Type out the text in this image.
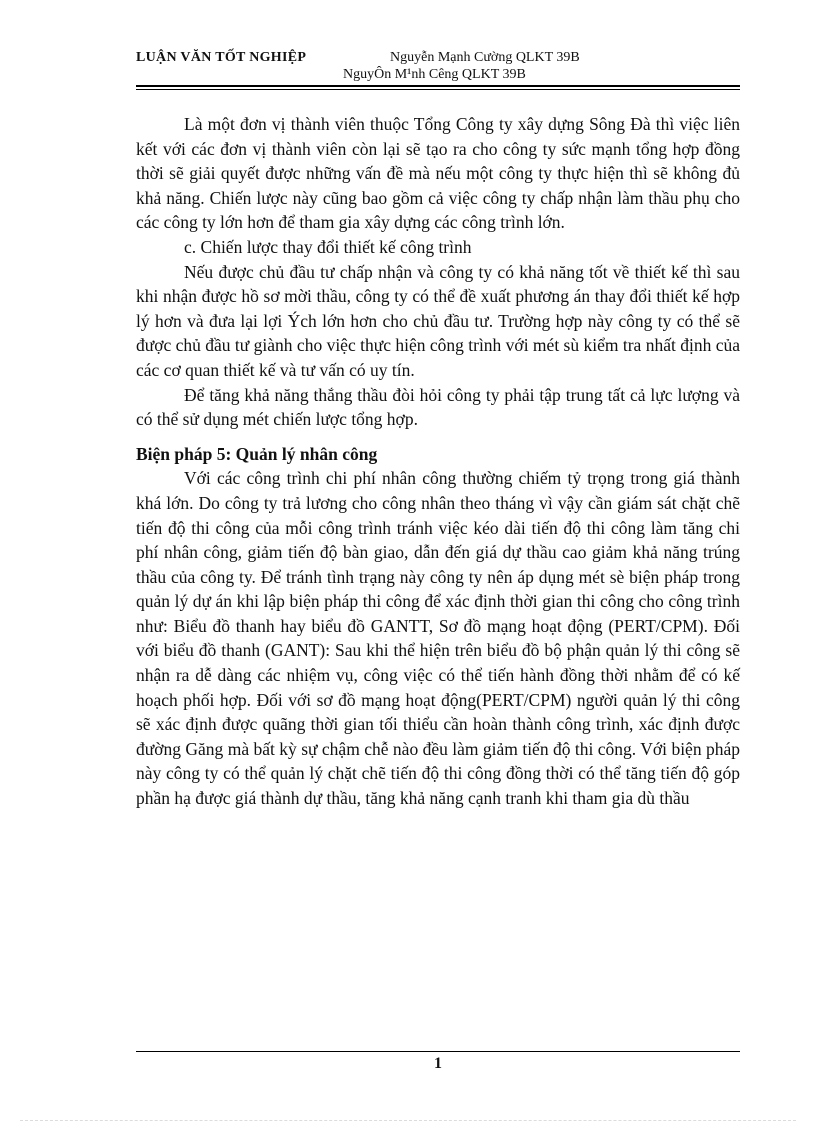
LUẬN VĂN TỐT NGHIỆP	Nguyễn Mạnh Cường QLKT 39B
NguyÔn M¹nh Cêng QLKT 39B

Là một đơn vị thành viên thuộc Tổng Công ty xây dựng Sông Đà thì việc liên kết với các đơn vị thành viên còn lại sẽ tạo ra cho công ty sức mạnh tổng hợp đồng thời sẽ giải quyết được những vấn đề mà nếu một công ty thực hiện thì sẽ không đủ khả năng. Chiến lược này cũng bao gồm cả việc công ty chấp nhận làm thầu phụ cho các công ty lớn hơn để tham gia xây dựng các công trình lớn.

c. Chiến lược thay đổi thiết kế công trình

Nếu được chủ đầu tư chấp nhận và công ty có khả năng tốt về thiết kế thì sau khi nhận được hồ sơ mời thầu, công ty có thể đề xuất phương án thay đổi thiết kế hợp lý hơn và đưa lại lợi Ých lớn hơn cho chủ đầu tư. Trường hợp này công ty có thể sẽ được chủ đầu tư giành cho việc thực hiện công trình với mét sù kiểm tra nhất định của các cơ quan thiết kế và tư vấn có uy tín.

Để tăng khả năng thắng thầu đòi hỏi công ty phải tập trung tất cả lực lượng và có thể sử dụng mét chiến lược tổng hợp.

Biện pháp 5: Quản lý nhân công

Với các công trình chi phí nhân công thường chiếm tỷ trọng trong giá thành khá lớn. Do công ty trả lương cho công nhân theo tháng vì vậy cần giám sát chặt chẽ tiến độ thi công của mỗi công trình tránh việc kéo dài tiến độ thi công làm tăng chi phí nhân công, giảm tiến độ bàn giao, dẫn đến giá dự thầu cao giảm khả năng trúng thầu của công ty. Để tránh tình trạng này công ty nên áp dụng mét sè biện pháp trong quản lý dự án khi lập biện pháp thi công để xác định thời gian thi công cho công trình như: Biểu đồ thanh hay biểu đồ GANTT, Sơ đồ mạng hoạt động (PERT/CPM). Đối với biểu đồ thanh (GANT): Sau khi thể hiện trên biểu đồ bộ phận quản lý thi công sẽ nhận ra dễ dàng các nhiệm vụ, công việc có thể tiến hành đồng thời nhằm để có kế hoạch phối hợp. Đối với sơ đồ mạng hoạt động(PERT/CPM) người quản lý thi công sẽ xác định được quãng thời gian tối thiểu cần hoàn thành công trình, xác định được đường Găng mà bất kỳ sự chậm chễ nào đều làm giảm tiến độ thi công. Với biện pháp này công ty có thể quản lý chặt chẽ tiến độ thi công đồng thời có thể tăng tiến độ góp phần hạ được giá thành dự thầu, tăng khả năng cạnh tranh khi tham gia dù thầu

1
